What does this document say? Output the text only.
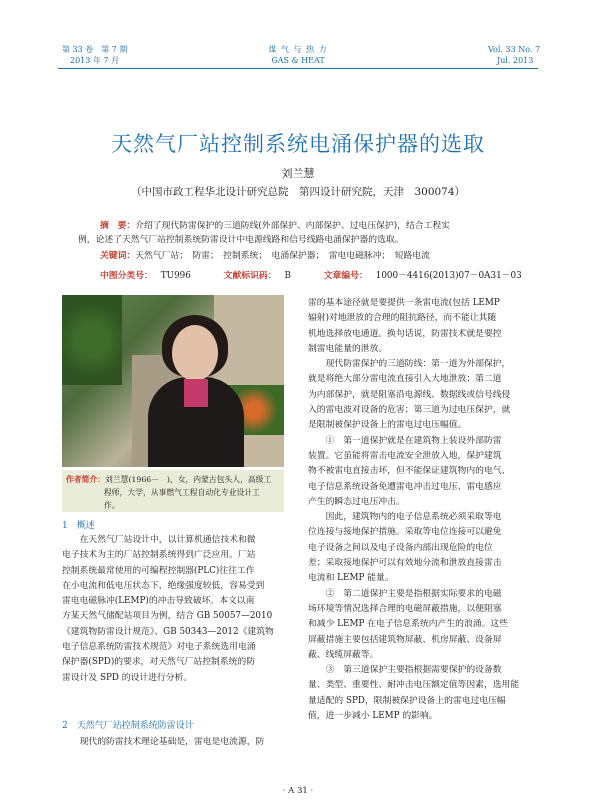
第 33 卷　第 7 期
2013 年 7 月
煤 气 与 热 力
GAS & HEAT
Vol. 33 No. 7
Jul. 2013
天然气厂站控制系统电涌保护器的选取
刘兰慧
（中国市政工程华北设计研究总院　第四设计研究院，天津　300074）
摘　要：介绍了现代防雷保护的三道防线(外部保护、内部保护、过电压保护)，结合工程实
例，论述了天然气厂站控制系统防雷设计中电源线路和信号线路电涌保护器的选取。
关键词：天然气厂站；　防雷；　控制系统；　电涌保护器；　雷电电磁脉冲；　短路电流
中图分类号： TU996	文献标识码： B	文章编号： 1000－4416(2013)07－0A31－03
作者简介：刘兰慧(1966－　)，女，内蒙古包头人，高级工
程师，大学，从事燃气工程自动化专业设计工
作。
1　概述
在天然气厂站设计中，以计算机通信技术和微
电子技术为主的厂站控制系统得到广泛应用。厂站
控制系统最常使用的可编程控制器(PLC)往往工作
在小电流和低电压状态下，绝缘强度较低，容易受到
雷电电磁脉冲(LEMP)的冲击导致破坏。本文以南
方某天然气储配站项目为例，结合 GB 50057—2010
《建筑物防雷设计规范》、GB 50343—2012《建筑物
电子信息系统防雷技术规范》对电子系统选用电涌
保护器(SPD)的要求，对天然气厂站控制系统的防
雷设计及 SPD 的设计进行分析。
2　天然气厂站控制系统防雷设计
现代的防雷技术理论基础是，雷电是电流源，防
雷的基本途径就是要提供一条雷电流(包括 LEMP
辐射)对地泄放的合理的阻抗路径，而不能让其随
机地选择放电通道。换句话说，防雷技术就是要控
制雷电能量的泄放。
现代防雷保护的三道防线：第一道为外部保护，
就是将绝大部分雷电流直接引入大地泄放；第二道
为内部保护，就是阻塞沿电源线、数据线或信号线侵
入的雷电波对设备的危害；第三道为过电压保护，就
是限制被保护设备上的雷电过电压幅值。
①　第一道保护就是在建筑物上装设外部防雷
装置。它虽能将雷击电流安全泄放入地，保护建筑
物不被雷电直接击坏，但不能保证建筑物内的电气、
电子信息系统设备免遭雷电冲击过电压、雷电感应
产生的瞬态过电压冲击。
因此，建筑物内的电子信息系统必须采取等电
位连接与接地保护措施。采取等电位连接可以避免
电子设备之间以及电子设备内部出现危险的电位
差；采取接地保护可以有效地分流和泄放直接雷击
电流和 LEMP 能量。
②　第二道保护主要是指根据实际要求的电磁
场环境等情况选择合理的电磁屏蔽措施，以便阻塞
和减少 LEMP 在电子信息系统内产生的浪涌。这些
屏蔽措施主要包括建筑物屏蔽、机房屏蔽、设备屏
蔽、线缆屏蔽等。
③　第三道保护主要指根据需要保护的设备数
量、类型、重要性、耐冲击电压额定值等因素，选用能
量适配的 SPD，限制被保护设备上的雷电过电压幅
值，进一步减小 LEMP 的影响。
· A 31 ·
